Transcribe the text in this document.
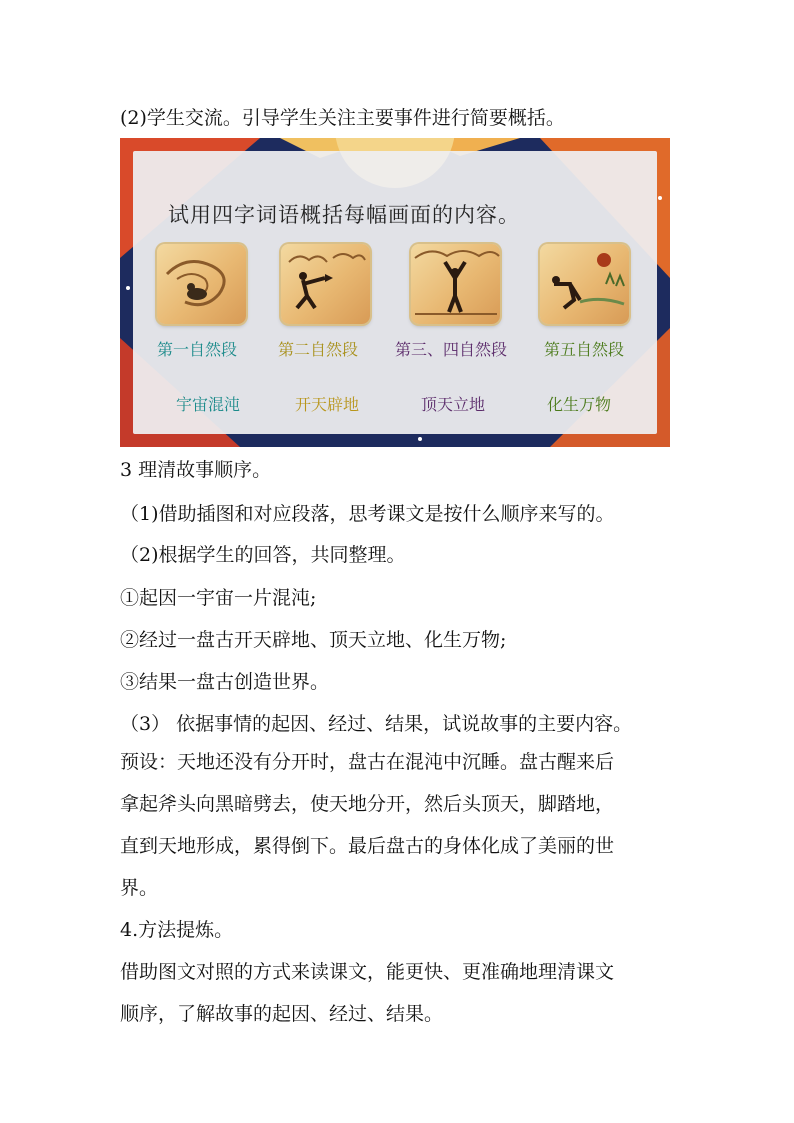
(2)学生交流。引导学生关注主要事件进行简要概括。
试用四字词语概括每幅画面的内容。
第一自然段	第二自然段 第三、四自然段 第五自然段
宇宙混沌	开天辟地	顶天立地	化生万物
3 理清故事顺序。
（1)借助插图和对应段落，思考课文是按什么顺序来写的。
（2)根据学生的回答，共同整理。
①起因一宇宙一片混沌;
②经过一盘古开天辟地、顶天立地、化生万物;
③结果一盘古创造世界。
（3） 依据事情的起因、经过、结果，试说故事的主要内容。
预设：天地还没有分开时，盘古在混沌中沉睡。盘古醒来后
拿起斧头向黑暗劈去，使天地分开，然后头顶天，脚踏地，
直到天地形成，累得倒下。最后盘古的身体化成了美丽的世
界。
4.方法提炼。
借助图文对照的方式来读课文，能更快、更准确地理清课文
顺序，了解故事的起因、经过、结果。
